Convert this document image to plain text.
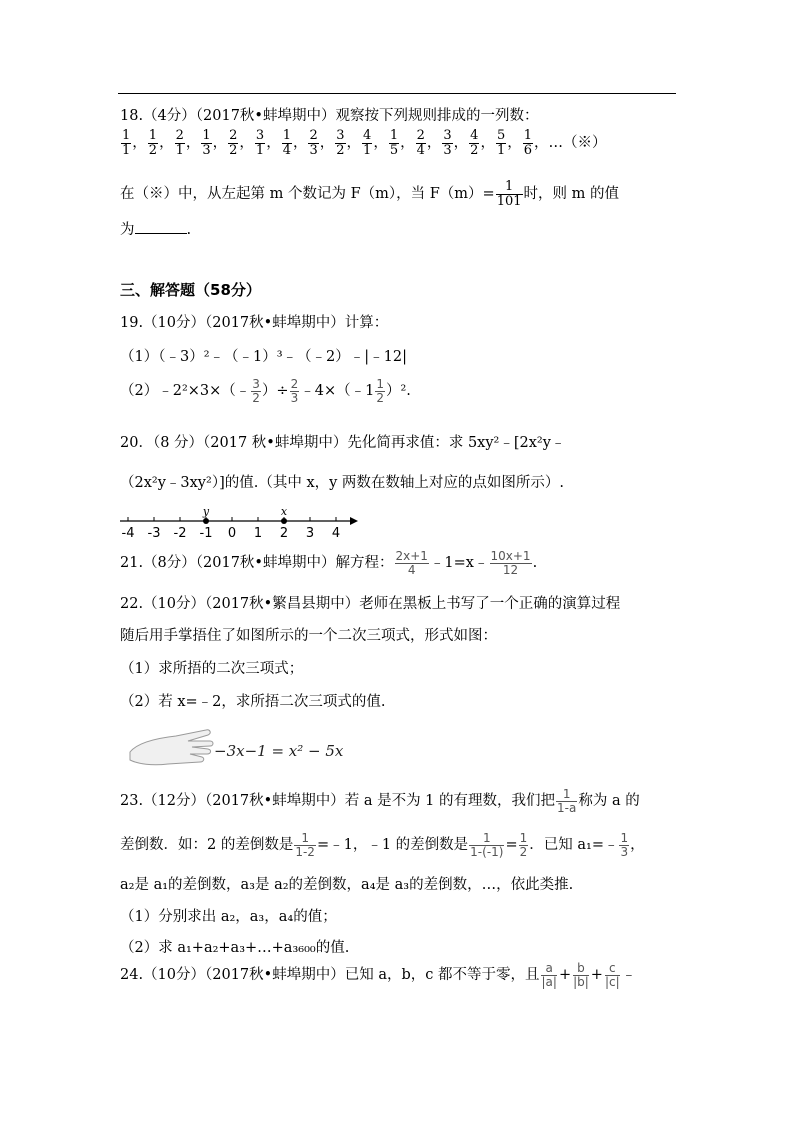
18.（4分）（2017秋•蚌埠期中）观察按下列规则排成的一列数：
$\frac{1}{1}$ ， $\frac{1}{2}$ ， $\frac{2}{1}$ ， $\frac{1}{3}$ ， $\frac{2}{2}$ ， $\frac{3}{1}$ ， $\frac{1}{4}$ ， $\frac{2}{3}$ ， $\frac{3}{2}$ ， $\frac{4}{1}$ ， $\frac{1}{5}$ ， $\frac{2}{4}$ ， $\frac{3}{3}$ ， $\frac{4}{2}$ ， $\frac{5}{1}$ ， $\frac{1}{6}$ ，…（※）
在（※）中，从左起第 m 个数记为 F（m），当 $F(m)= \frac{1}{101}$ 时，则 m 的值
为	.
三、解答题（58分）
19.（10分）（2017秋•蚌埠期中）计算：
（1）（﹣3）²﹣（﹣1）³﹣（﹣2）﹣|﹣12|
（2）﹣2²×3×（﹣ $\frac{3}{2}$ ）÷ $\frac{2}{3}$ ﹣4×（﹣1 $\frac{1}{2} )^2$.
20．（8 分）（2017 秋•蚌埠期中）先化简再求值：求 5xy²﹣[2x²y﹣
（2x²y﹣3xy²）]的值.（其中 x，y 两数在数轴上对应的点如图所示）.
-4 -3 -2 -1 0 1 2 3 4
y	x
21.（8分）（2017秋•蚌埠期中）解方程： $\frac{2x+1}{4}$ ﹣1=x﹣ $\frac{10x+1}{12}$ .
22.（10分）（2017秋•繁昌县期中）老师在黑板上书写了一个正确的演算过程
随后用手掌捂住了如图所示的一个二次三项式，形式如图：
（1）求所捂的二次三项式；
（2）若 x=﹣2，求所捂二次三项式的值.
−3x−1 = x² − 5x
23.（12分）（2017秋•蚌埠期中）若 a 是不为 1 的有理数，我们把 $\frac{1}{1-a}$ 称为 a 的
差倒数．如：2 的差倒数是 $\frac{1}{1-2}$ =﹣1，﹣1 的差倒数是 $\frac{1}{1-(-1)} = \frac{1}{2}$ ．已知 a₁=﹣ $\frac{1}{3}$ ，
a₂是 a₁的差倒数，a₃是 a₂的差倒数，a₄是 a₃的差倒数，…，依此类推.
（1）分别求出 a₂，a₃，a₄的值；
（2）求 a₁+a₂+a₃+…+a₃₆₀₀的值.
24.（10分）（2017秋•蚌埠期中）已知 a，b，c 都不等于零，且 $\frac{a}{|a|} + \frac{b}{|b|} + \frac{c}{|c|}$ ﹣
